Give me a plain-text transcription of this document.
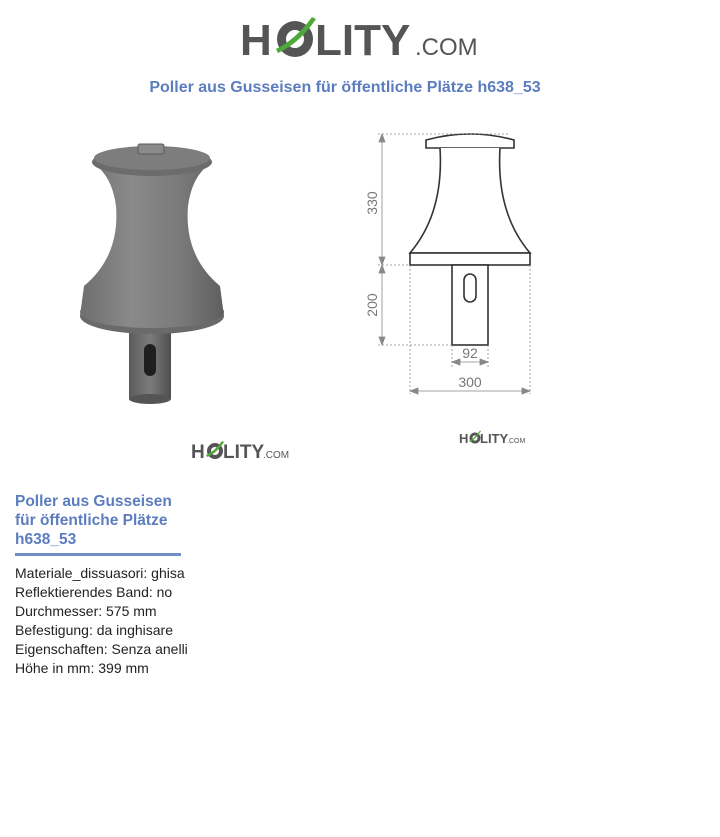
H LITY .COM
Poller aus Gusseisen für öffentliche Plätze h638_53
H LITY
.COM
330
200
92
300
H LITY
.COM
Poller aus Gusseisen für öffentliche Plätze h638_53
Materiale_dissuasori: ghisa
Reflektierendes Band: no
Durchmesser: 575 mm
Befestigung: da inghisare
Eigenschaften: Senza anelli
Höhe in mm: 399 mm
